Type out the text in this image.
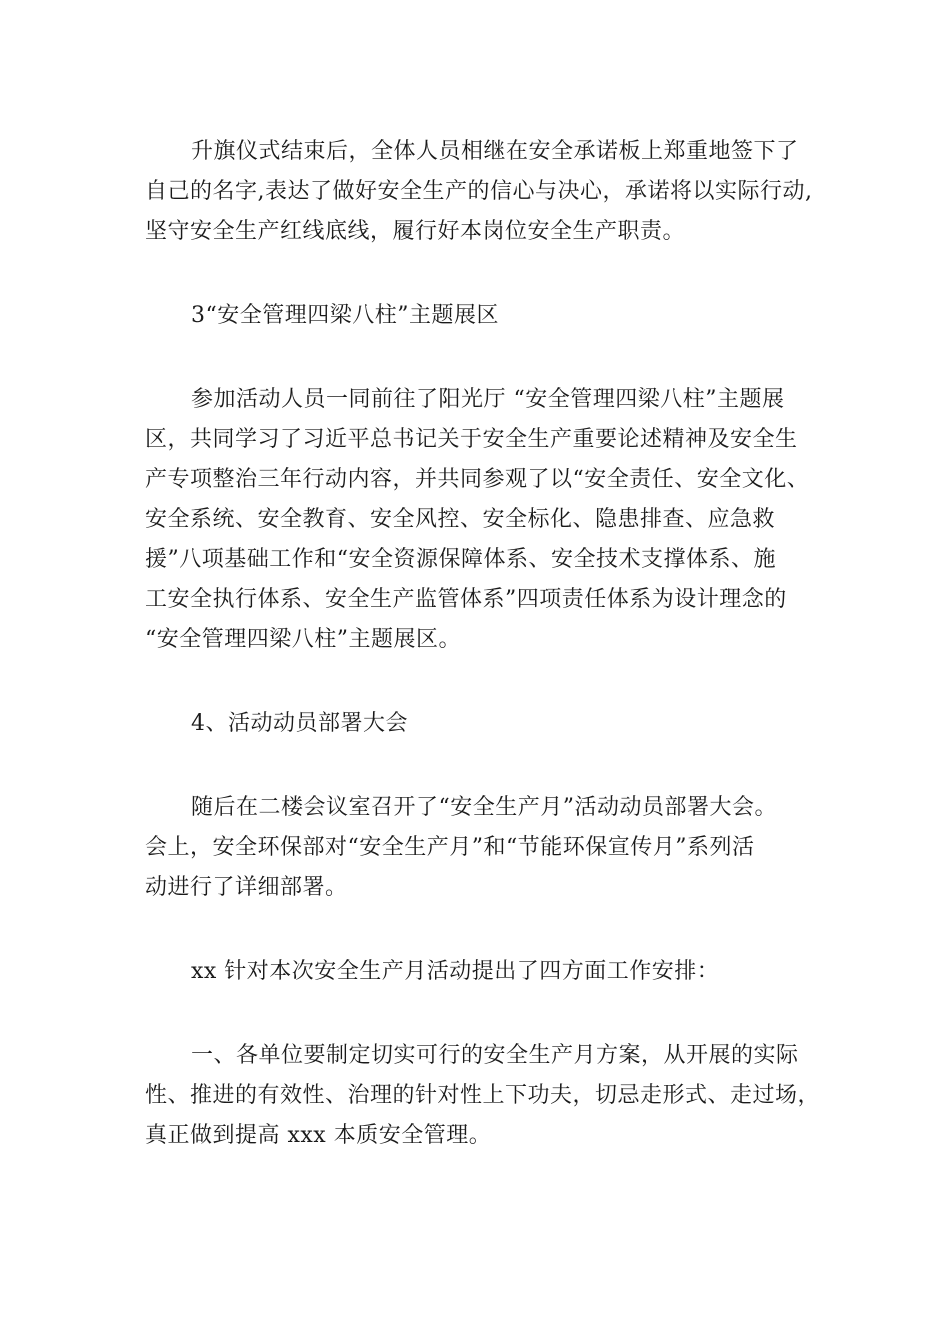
升旗仪式结束后，全体人员相继在安全承诺板上郑重地签下了
自己的名字,表达了做好安全生产的信心与决心，承诺将以实际行动,
坚守安全生产红线底线，履行好本岗位安全生产职责。
3“安全管理四梁八柱”主题展区
参加活动人员一同前往了阳光厅 “安全管理四梁八柱”主题展
区，共同学习了习近平总书记关于安全生产重要论述精神及安全生
产专项整治三年行动内容，并共同参观了以“安全责任、安全文化、
安全系统、安全教育、安全风控、安全标化、隐患排查、应急救
援”八项基础工作和“安全资源保障体系、安全技术支撑体系、施
工安全执行体系、安全生产监管体系”四项责任体系为设计理念的
“安全管理四梁八柱”主题展区。
4、活动动员部署大会
随后在二楼会议室召开了“安全生产月”活动动员部署大会。
会上，安全环保部对“安全生产月”和“节能环保宣传月”系列活
动进行了详细部署。
xx 针对本次安全生产月活动提出了四方面工作安排：
一、各单位要制定切实可行的安全生产月方案，从开展的实际
性、推进的有效性、治理的针对性上下功夫，切忌走形式、走过场，
真正做到提高 xxx 本质安全管理。
